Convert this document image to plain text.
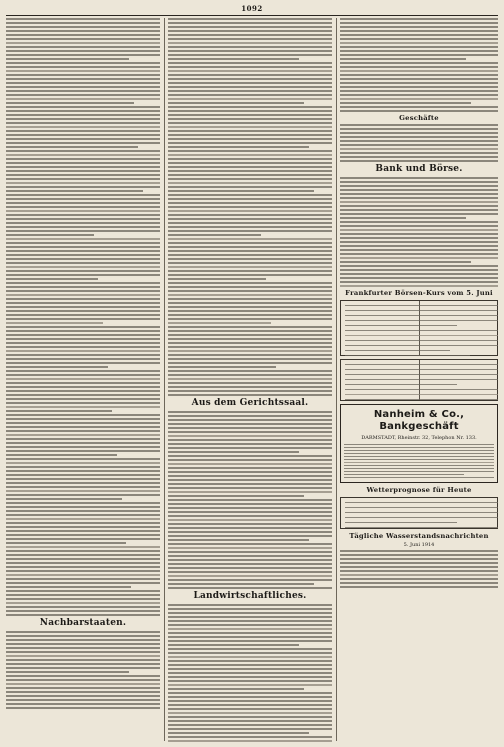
1092
Nachbarstaaten.
Aus dem Gerichtssaal.
Landwirtschaftliches.
Geschäfte
Bank und Börse.
Frankfurter Börsen-Kurs vom 5. Juni
Nanheim & Co., Bankgeschäft
DARMSTADT, Rheinstr. 32, Telephon Nr. 133.
Wetterprognose für Heute
Tägliche Wasserstandsnachrichten
5. Juni 1914
